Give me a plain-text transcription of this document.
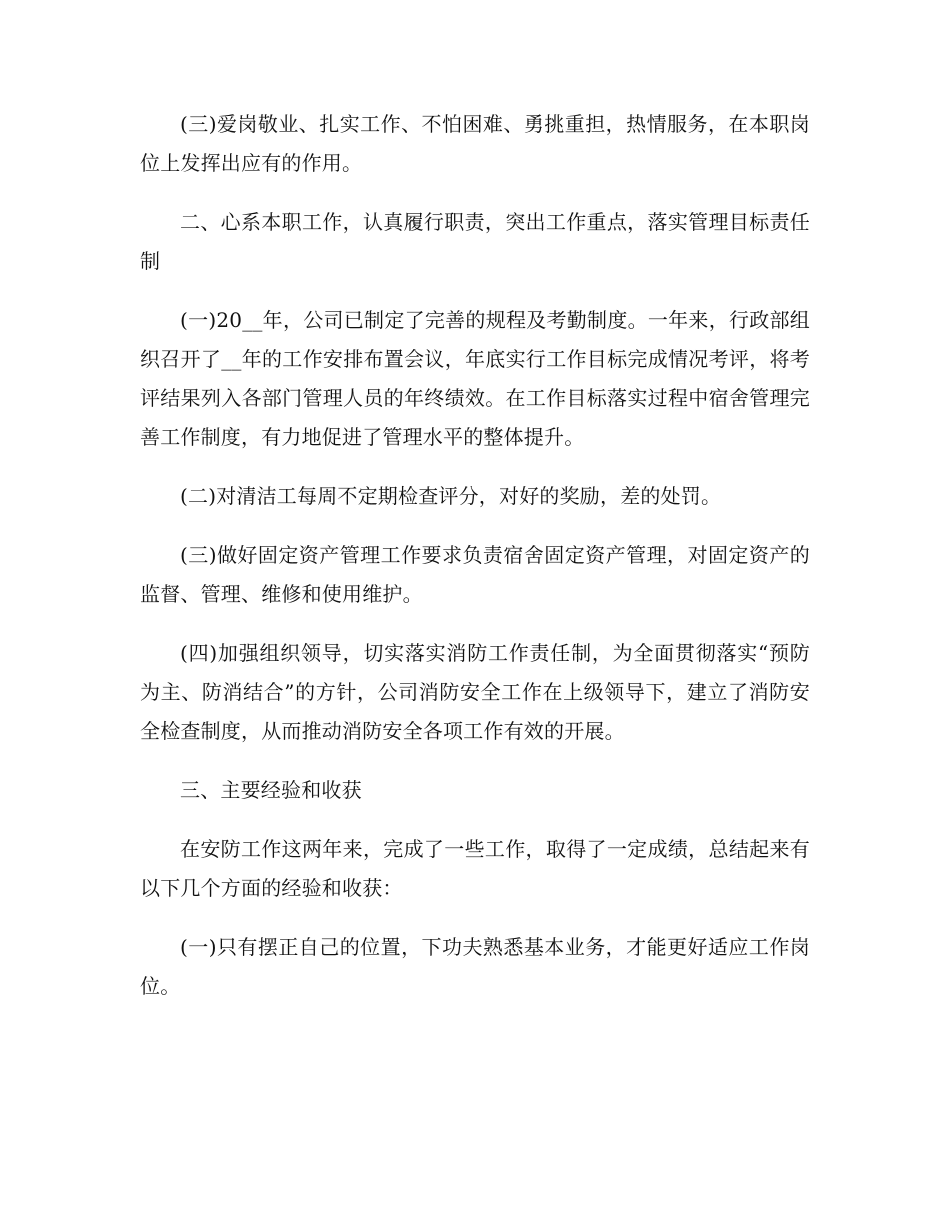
(三)爱岗敬业、扎实工作、不怕困难、勇挑重担，热情服务，在本职岗位上发挥出应有的作用。

二、心系本职工作，认真履行职责，突出工作重点，落实管理目标责任制

(一)20__年，公司已制定了完善的规程及考勤制度。一年来，行政部组织召开了__年的工作安排布置会议，年底实行工作目标完成情况考评，将考评结果列入各部门管理人员的年终绩效。在工作目标落实过程中宿舍管理完善工作制度，有力地促进了管理水平的整体提升。

(二)对清洁工每周不定期检查评分，对好的奖励，差的处罚。

(三)做好固定资产管理工作要求负责宿舍固定资产管理，对固定资产的监督、管理、维修和使用维护。

(四)加强组织领导，切实落实消防工作责任制，为全面贯彻落实“预防为主、防消结合”的方针，公司消防安全工作在上级领导下，建立了消防安全检查制度，从而推动消防安全各项工作有效的开展。

三、主要经验和收获

在安防工作这两年来，完成了一些工作，取得了一定成绩，总结起来有以下几个方面的经验和收获：

(一)只有摆正自己的位置，下功夫熟悉基本业务，才能更好适应工作岗位。
